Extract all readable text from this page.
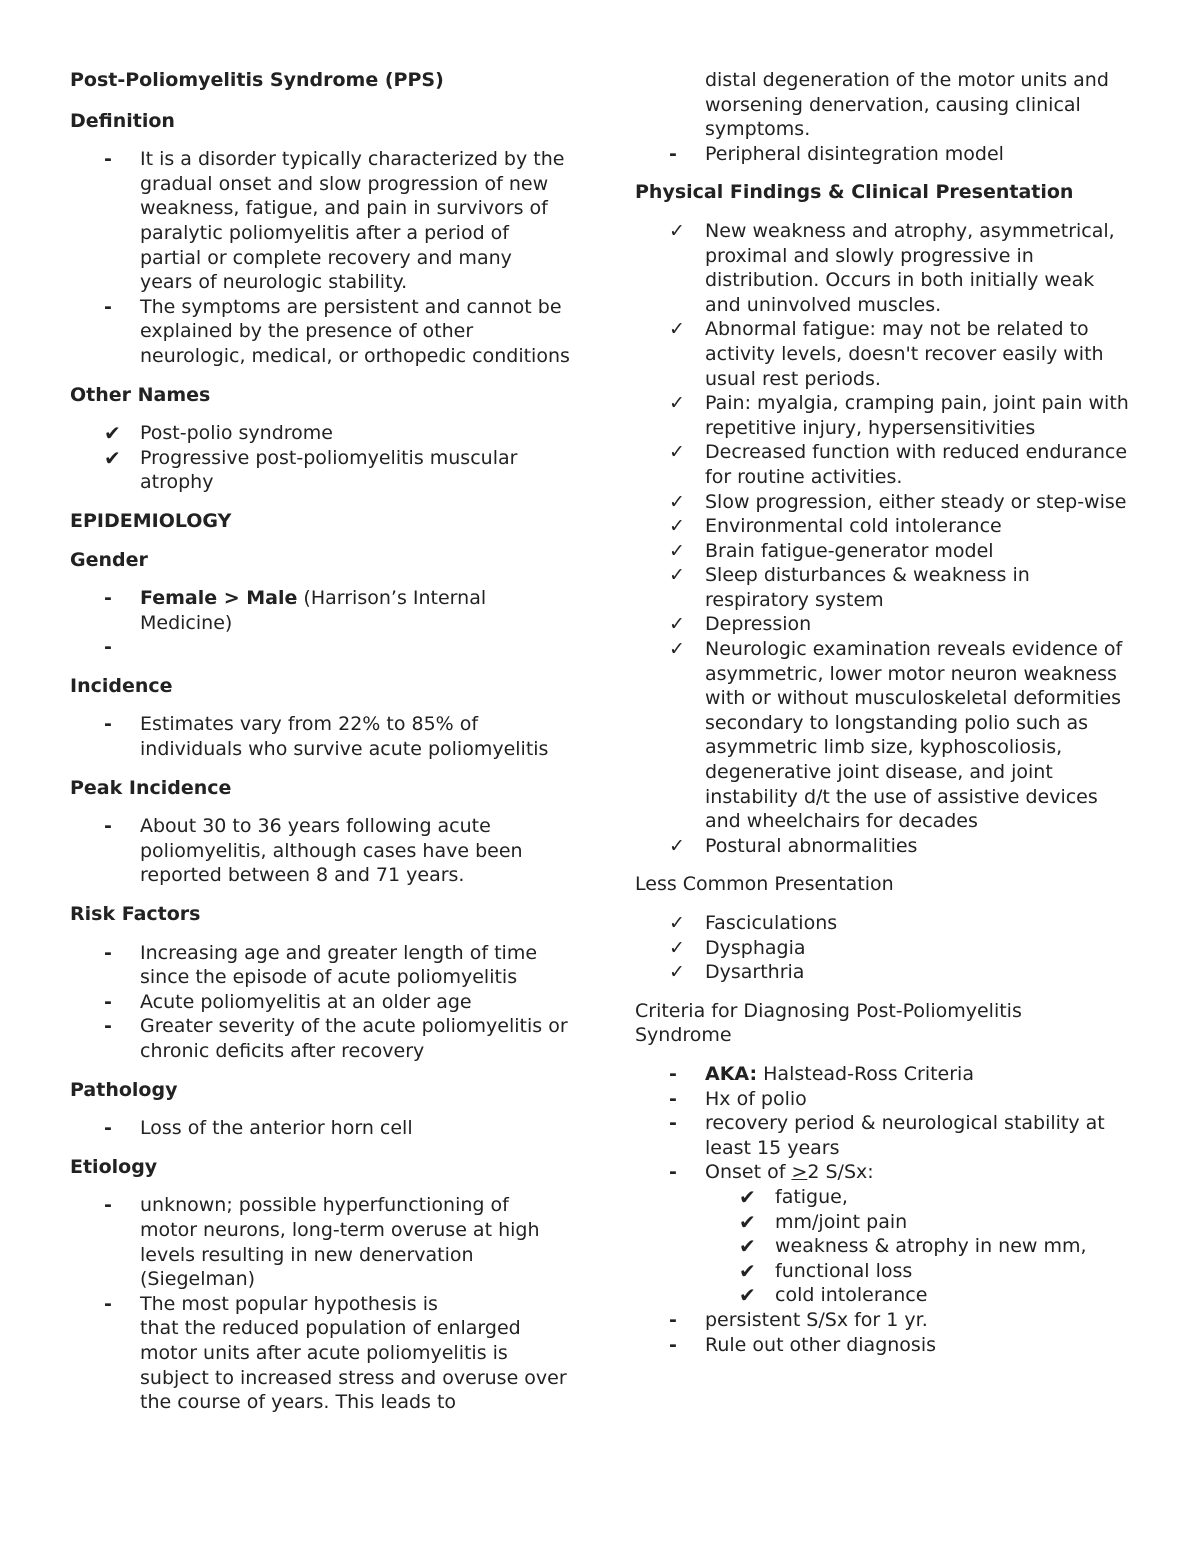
Post-Poliomyelitis Syndrome (PPS)
Definition
-	It is a disorder typically characterized by the gradual onset and slow progression of new weakness, fatigue, and pain in survivors of paralytic poliomyelitis after a period of partial or complete recovery and many years of neurologic stability.
-	The symptoms are persistent and cannot be explained by the presence of other neurologic, medical, or orthopedic conditions
Other Names
✔	Post-polio syndrome
✔	Progressive post-poliomyelitis muscular atrophy
EPIDEMIOLOGY
Gender
-	Female > Male (Harrison’s Internal Medicine)
-

Incidence
-	Estimates vary from 22% to 85% of individuals who survive acute poliomyelitis
Peak Incidence
-	About 30 to 36 years following acute poliomyelitis, although cases have been reported between 8 and 71 years.
Risk Factors
-	Increasing age and greater length of time since the episode of acute poliomyelitis
-	Acute poliomyelitis at an older age
-	Greater severity of the acute poliomyelitis or chronic deficits after recovery
Pathology
-	Loss of the anterior horn cell
Etiology
-	unknown; possible hyperfunctioning of motor neurons, long-term overuse at high levels resulting in new denervation (Siegelman)
-	The most popular hypothesis is
that the reduced population of enlarged motor units after acute poliomyelitis is subject to increased stress and overuse over the course of years. This leads to
distal degeneration of the motor units and worsening denervation, causing clinical symptoms.
-	Peripheral disintegration model
Physical Findings & Clinical Presentation
✓	New weakness and atrophy, asymmetrical, proximal and slowly progressive in distribution. Occurs in both initially weak and uninvolved muscles.
✓	Abnormal fatigue: may not be related to activity levels, doesn't recover easily with usual rest periods.
✓	Pain: myalgia, cramping pain, joint pain with repetitive injury, hypersensitivities
✓	Decreased function with reduced endurance for routine activities.
✓	Slow progression, either steady or step-wise
✓	Environmental cold intolerance
✓	Brain fatigue-generator model
✓	Sleep disturbances & weakness in respiratory system
✓	Depression
✓	Neurologic examination reveals evidence of
asymmetric, lower motor neuron weakness
with or without musculoskeletal deformities
secondary to longstanding polio such as asymmetric limb size, kyphoscoliosis, degenerative joint disease, and joint instability d/t the use of assistive devices and wheelchairs for decades
✓	Postural abnormalities
Less Common Presentation
✓	Fasciculations
✓	Dysphagia
✓	Dysarthria
Criteria for Diagnosing Post-Poliomyelitis Syndrome
-	AKA: Halstead-Ross Criteria
-	Hx of polio
-	recovery period & neurological stability at least 15 years
-	Onset of >2 S/Sx:
✔	fatigue,
✔	mm/joint pain
✔	weakness & atrophy in new mm,
✔	functional loss
✔	cold intolerance
-	persistent S/Sx for 1 yr.
-	Rule out other diagnosis
